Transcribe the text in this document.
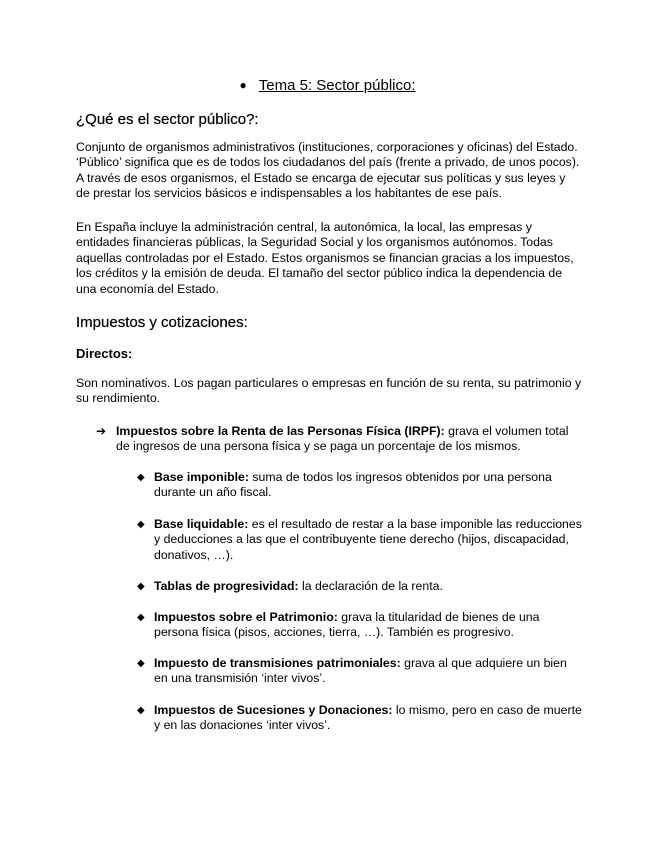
● Tema 5: Sector público:
¿Qué es el sector público?:

Conjunto de organismos administrativos (instituciones, corporaciones y oficinas) del Estado. ‘Público’ significa que es de todos los ciudadanos del país (frente a privado, de unos pocos). A través de esos organismos, el Estado se encarga de ejecutar sus políticas y sus leyes y de prestar los servicios básicos e indispensables a los habitantes de ese país.

En España incluye la administración central, la autonómica, la local, las empresas y entidades financieras públicas, la Seguridad Social y los organismos autónomos. Todas aquellas controladas por el Estado. Estos organismos se financian gracias a los impuestos, los créditos y la emisión de deuda. El tamaño del sector público indica la dependencia de una economía del Estado.

Impuestos y cotizaciones:
Directos:

Son nominativos. Los pagan particulares o empresas en función de su renta, su patrimonio y su rendimiento.

➔ Impuestos sobre la Renta de las Personas Física (IRPF): grava el volumen total de ingresos de una persona física y se paga un porcentaje de los mismos.
◆ Base imponible: suma de todos los ingresos obtenidos por una persona durante un año fiscal.
◆ Base liquidable: es el resultado de restar a la base imponible las reducciones y deducciones a las que el contribuyente tiene derecho (hijos, discapacidad, donativos, …).
◆ Tablas de progresividad: la declaración de la renta.
◆ Impuestos sobre el Patrimonio: grava la titularidad de bienes de una persona física (pisos, acciones, tierra, …). También es progresivo.
◆ Impuesto de transmisiones patrimoniales: grava al que adquiere un bien en una transmisión ‘inter vivos’.
◆ Impuestos de Sucesiones y Donaciones: lo mismo, pero en caso de muerte y en las donaciones ‘inter vivos’.
